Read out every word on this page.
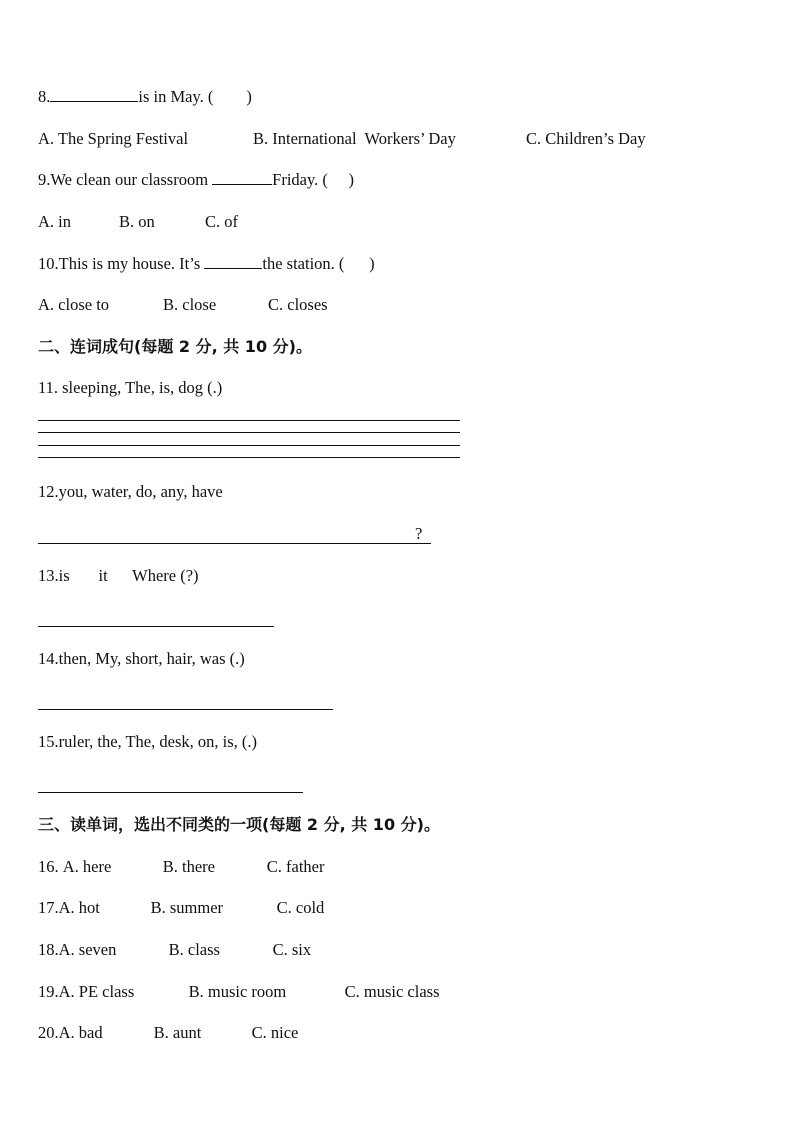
8.	is in May. (        )
A. The Spring Festival	B. International  Workers’ Day	C. Children’s Day
9.We clean our classroom	Friday. (     )
A. in	B. on	C. of
10.This is my house. It’s	the station. (      )
A. close to	B. close	C. closes
二、连词成句(每题 2 分, 共 10 分)。
11. sleeping, The, is, dog (.)
12.you, water, do, any, have
?
13.is       it      Where (?)
14.then, My, short, hair, was (.)
15.ruler, the, The, desk, on, is, (.)
三、读单词，选出不同类的一项(每题 2 分, 共 10 分)。
16. A. here	B. there	C. father
17.A. hot	B. summer	C. cold
18.A. seven	B. class	C. six
19.A. PE class	B. music room	C. music class
20.A. bad	B. aunt	C. nice
